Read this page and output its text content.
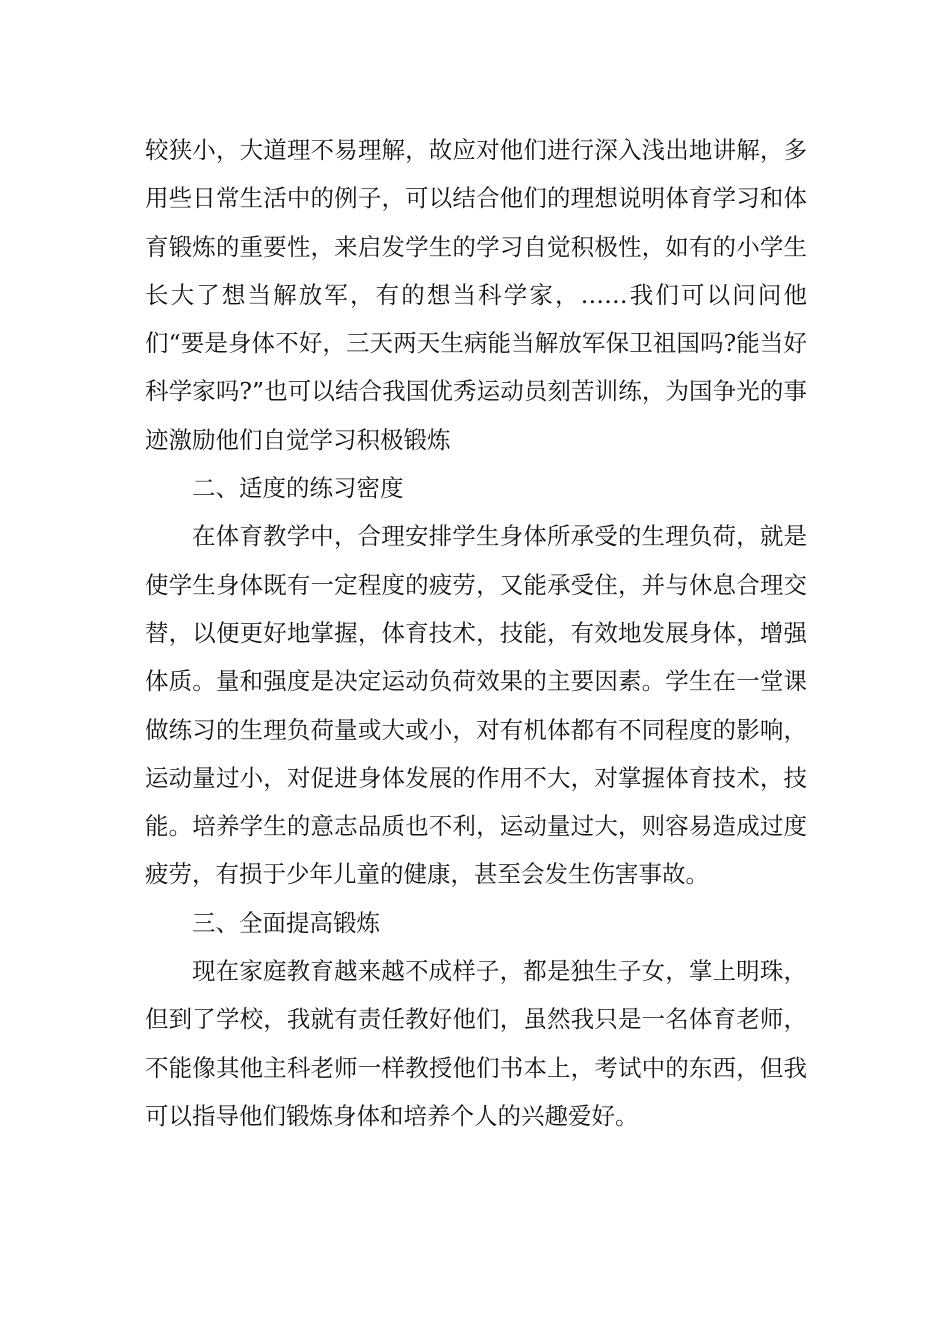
较狭小，大道理不易理解，故应对他们进行深入浅出地讲解，多用些日常生活中的例子，可以结合他们的理想说明体育学习和体育锻炼的重要性，来启发学生的学习自觉积极性，如有的小学生长大了想当解放军，有的想当科学家，……我们可以问问他们“要是身体不好，三天两天生病能当解放军保卫祖国吗?能当好科学家吗?”也可以结合我国优秀运动员刻苦训练，为国争光的事迹激励他们自觉学习积极锻炼

二、适度的练习密度

在体育教学中，合理安排学生身体所承受的生理负荷，就是使学生身体既有一定程度的疲劳，又能承受住，并与休息合理交替，以便更好地掌握，体育技术，技能，有效地发展身体，增强体质。量和强度是决定运动负荷效果的主要因素。学生在一堂课做练习的生理负荷量或大或小，对有机体都有不同程度的影响，运动量过小，对促进身体发展的作用不大，对掌握体育技术，技能。培养学生的意志品质也不利，运动量过大，则容易造成过度疲劳，有损于少年儿童的健康，甚至会发生伤害事故。

三、全面提高锻炼

现在家庭教育越来越不成样子，都是独生子女，掌上明珠，但到了学校，我就有责任教好他们，虽然我只是一名体育老师，不能像其他主科老师一样教授他们书本上，考试中的东西，但我可以指导他们锻炼身体和培养个人的兴趣爱好。
